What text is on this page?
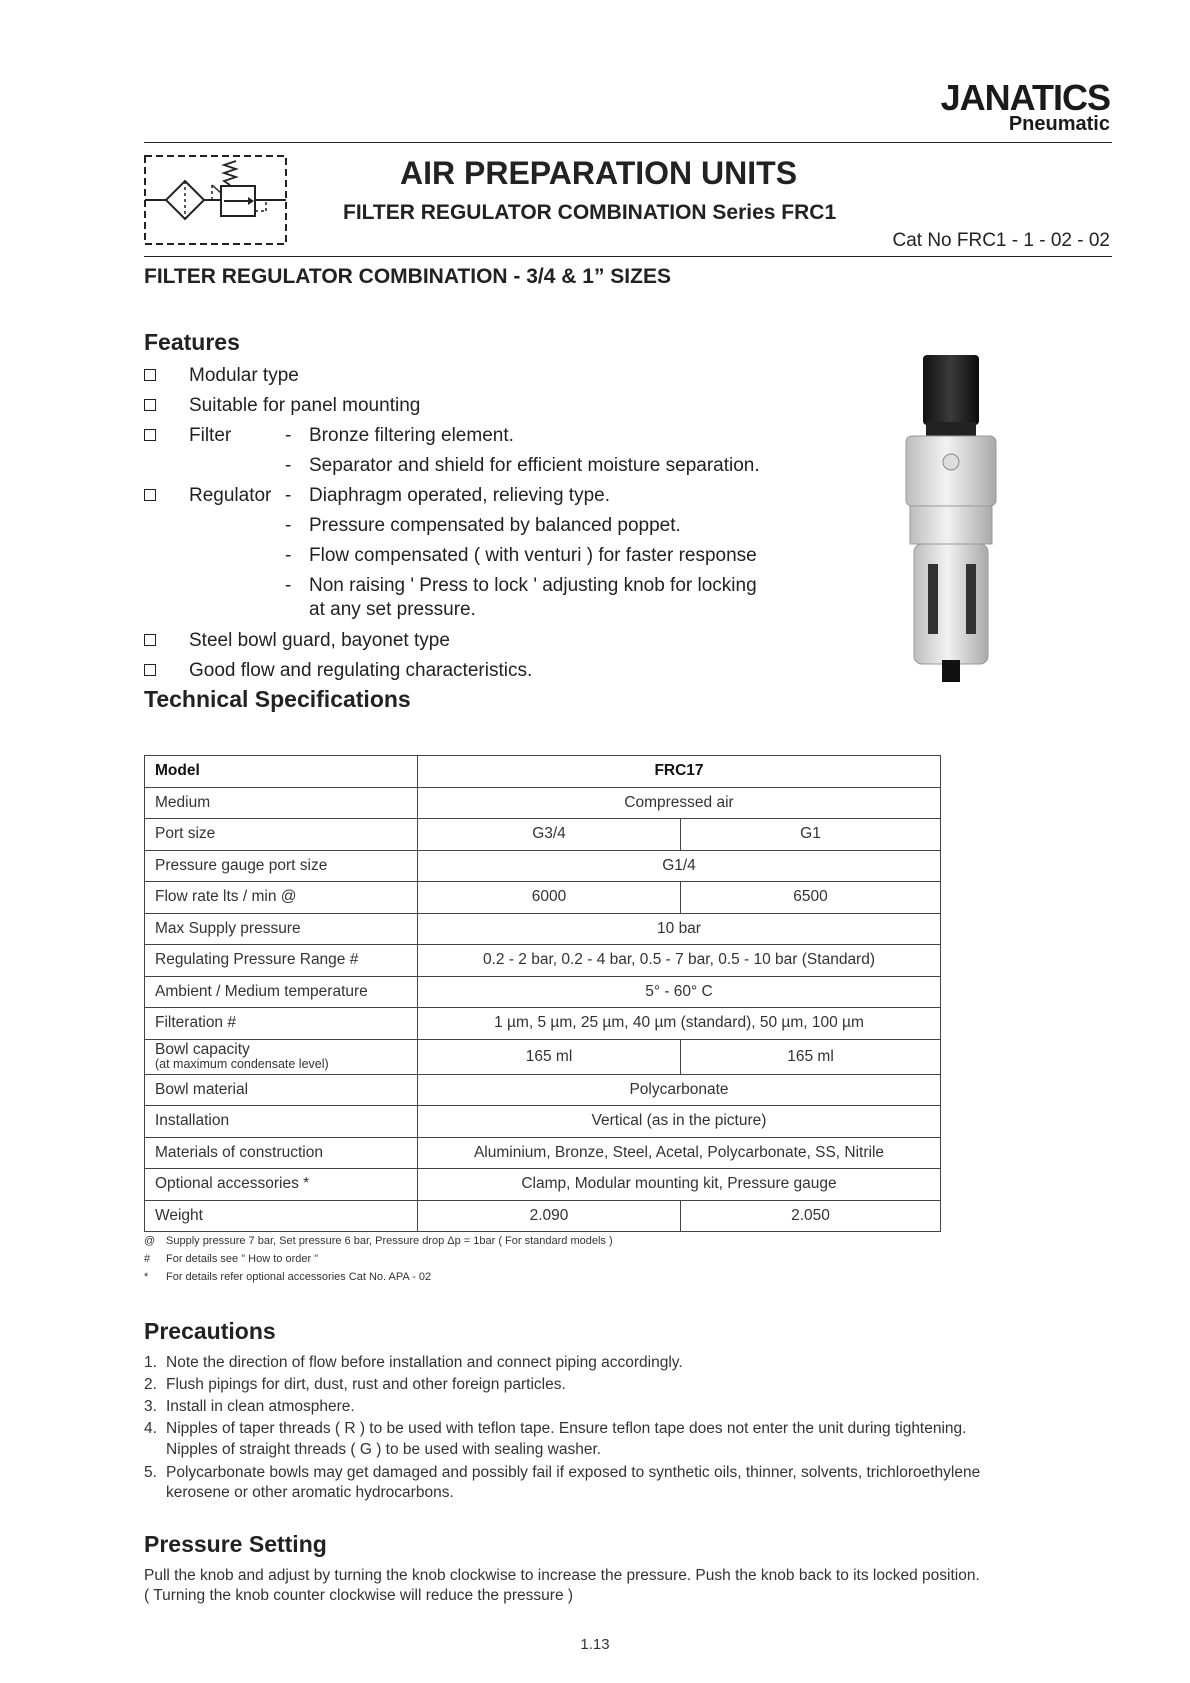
JANATICS
Pneumatic
AIR PREPARATION UNITS
FILTER REGULATOR COMBINATION Series FRC1
Cat No FRC1 - 1 - 02 - 02
FILTER REGULATOR COMBINATION - 3/4 & 1” SIZES
Features
Modular type
Suitable for panel mounting
Filter	- Bronze filtering element.
- Separator and shield for efficient moisture separation.
Regulator - Diaphragm operated, relieving type.
- Pressure compensated by balanced poppet.
- Flow compensated ( with venturi ) for faster response
- Non raising ' Press to lock ' adjusting knob for locking
at any set pressure.
Steel bowl guard, bayonet type
Good flow and regulating characteristics.
Technical Specifications
Model	FRC17	
Medium	Compressed air	
Port size	G3/4	G1
Pressure gauge port size	G1/4	
Flow rate lts / min @	6000	6500
Max Supply pressure	10 bar	
Regulating Pressure Range #	0.2 - 2 bar, 0.2 - 4 bar, 0.5 - 7 bar, 0.5 - 10 bar (Standard)	
Ambient / Medium temperature	5° - 60° C	
Filteration #	1 µm, 5 µm, 25 µm, 40 µm (standard), 50 µm, 100 µm	
Bowl capacity
(at maximum condensate level)	165 ml	165 ml
Bowl material	Polycarbonate	
Installation	Vertical (as in the picture)	
Materials of construction	Aluminium, Bronze, Steel, Acetal, Polycarbonate, SS, Nitrile	
Optional accessories *	Clamp, Modular mounting kit, Pressure gauge	
Weight	2.090	2.050
@ Supply pressure 7 bar, Set pressure 6 bar, Pressure drop Δp = 1bar ( For standard models )
# For details see " How to order "
* For details refer optional accessories Cat No. APA - 02
Precautions
1. Note the direction of flow before installation and connect piping accordingly.
2. Flush pipings for dirt, dust, rust and other foreign particles.
3. Install in clean atmosphere.
4. Nipples of taper threads ( R ) to be used with teflon tape. Ensure teflon tape does not enter the unit during tightening.
Nipples of straight threads ( G ) to be used with sealing washer.
5. Polycarbonate bowls may get damaged and possibly fail if exposed to synthetic oils, thinner, solvents, trichloroethylene
kerosene or other aromatic hydrocarbons.
Pressure Setting
Pull the knob and adjust by turning the knob clockwise to increase the pressure. Push the knob back to its locked position.
( Turning the knob counter clockwise will reduce the pressure )
1.13
